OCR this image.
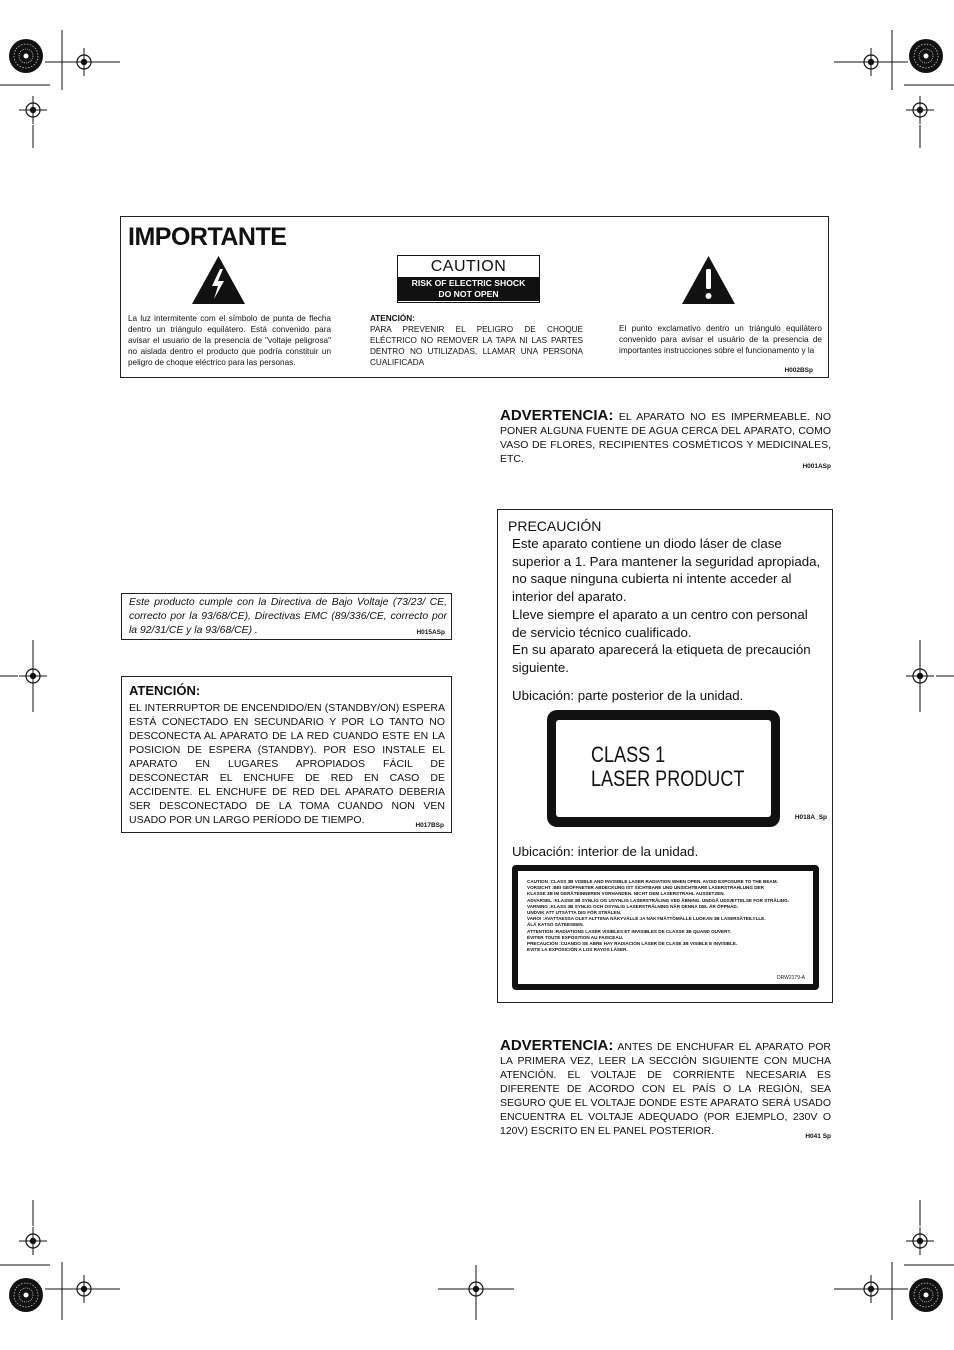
IMPORTANTE
CAUTION
RISK OF ELECTRIC SHOCK
DO NOT OPEN
La luz intermitente com el símbolo de punta de flecha dentro un triángulo equilátero. Está convenido para avisar el usuario de la presencia de "voltaje peligrosa" no aislada dentro el producto que podría constituir un peligro de choque eléctrico para las personas.
ATENCIÓN:
PARA PREVENIR EL PELIGRO DE CHOQUE ELÉCTRICO NO REMOVER LA TAPA NI LAS PARTES DENTRO NO UTILIZADAS, LLAMAR UNA PERSONA CUALIFICADA
El punto exclamativo dentro un triángulo equilátero convenido para avisar el usuário de la presencia de importantes instrucciones sobre el funcionamento y la
H002BSp
ADVERTENCIA: EL APARATO NO ES IMPERMEABLE. NO PONER ALGUNA FUENTE DE AGUA CERCA DEL APARATO, COMO VASO DE FLORES, RECIPIENTES COSMÉTICOS Y MEDICINALES, ETC.
H001ASp
Este producto cumple con la Directiva de Bajo Voltaje (73/23/ CE, correcto por la 93/68/CE), Directivas EMC (89/336/CE, correcto por la 92/31/CE y la 93/68/CE) .	H015ASp
ATENCIÓN:
EL INTERRUPTOR DE ENCENDIDO/EN (STANDBY/ON) ESPERA ESTÁ CONECTADO EN SECUNDARIO Y POR LO TANTO NO DESCONECTA AL APARATO DE LA RED CUANDO ESTE EN LA POSICION DE ESPERA (STANDBY). POR ESO INSTALE EL APARATO EN LUGARES APROPIADOS FÁCIL DE DESCONECTAR EL ENCHUFE DE RED EN CASO DE ACCIDENTE. EL ENCHUFE DE RED DEL APARATO DEBERIA SER DESCONECTADO DE LA TOMA CUANDO NON VEN USADO POR UN LARGO PERÍODO DE TIEMPO.	H017BSp
PRECAUCIÓN

Este aparato contiene un diodo láser de clase superior a 1. Para mantener la seguridad apropiada, no saque ninguna cubierta ni intente acceder al interior del aparato.

Lleve siempre el aparato a un centro con personal de servicio técnico cualificado.

En su aparato aparecerá la etiqueta de precaución siguiente.

Ubicación: parte posterior de la unidad.
CLASS 1
LASER PRODUCT
H018A_Sp
Ubicación: interior de la unidad.
CAUTION :CLASS 3B VISIBLE AND INVISIBLE LASER RADIATION WHEN OPEN. AVOID EXPOSURE TO THE BEAM.
VORSICHT :BEI GEÖFFNETER ABDECKUNG IST SICHTBARE UND UNSICHTBARE LASERSTRAHLUNG DER
KLASSE 3B IM GERÄTEINNEREN VORHANDEN. NICHT DEM LASERSTRAHL AUSSETZEN.
ADVARSEL :KLASSE 3B SYNLIG OG USYNLIG LASERSTRÅLING VED ÅBNING. UNDGÅ UDSÆTTELSE FOR STRÅLING.
VARNING :KLASS 3B SYNLIG OCH OSYNLIG LASERSTRÅLNING NÄR DENNA DEL ÄR ÖPPNAD.
UNDVIK ATT UTSÄTTA DIG FÖR STRÅLEN.
VARO! :AVATTAESSA OLET ALTTIINA NÄKYVÄLLE JA NÄKYMÄTTÖMÄLLE LUOKAN 3B LASERSÄTEILYLLE.
ÄLÄ KATSO SÄTEESEEN.
ATTENTION :RADIATIONS LASER VISIBLES ET INVISIBLES DE CLASSE 3B QUAND OUVERT.
ÉVITER TOUTE EXPOSITION AU FAISCEAU.
PRECAUCIÓN :CUANDO SE ABRE HAY RADIACIÓN LÁSER DE CLASE 3B VISIBLE E INVISIBLE.
EVITE LA EXPOSICIÓN A LOS RAYOS LÁSER.
DRW2179-A
ADVERTENCIA: ANTES DE ENCHUFAR EL APARATO POR LA PRIMERA VEZ, LEER LA SECCIÓN SIGUIENTE CON MUCHA ATENCIÓN. EL VOLTAJE DE CORRIENTE NECESARIA ES DIFERENTE DE ACORDO CON EL PAÍS O LA REGIÓN, SEA SEGURO QUE EL VOLTAJE DONDE ESTE APARATO SERÁ USADO ENCUENTRA EL VOLTAJE ADEQUADO (POR EJEMPLO, 230V O 120V) ESCRITO EN EL PANEL POSTERIOR.	H041 Sp
